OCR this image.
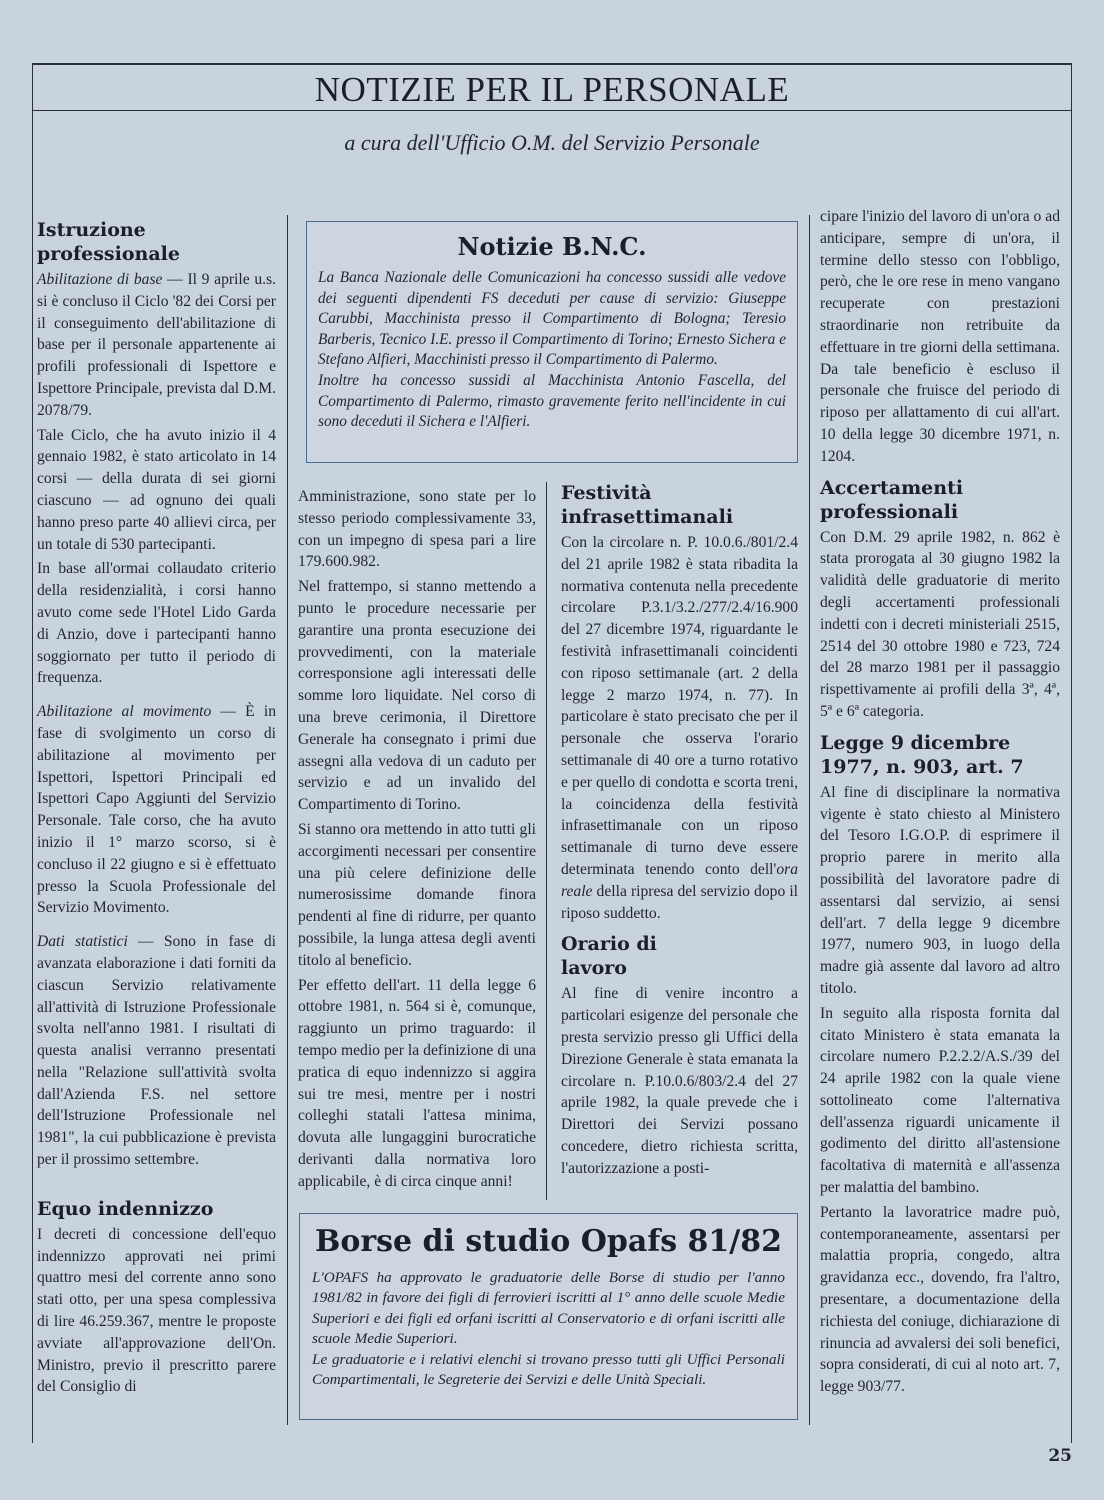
NOTIZIE PER IL PERSONALE
a cura dell'Ufficio O.M. del Servizio Personale
Istruzione professionale

Abilitazione di base — Il 9 aprile u.s. si è concluso il Ciclo '82 dei Corsi per il conseguimento dell'abilitazione di base per il personale appartenente ai profili professionali di Ispettore e Ispettore Principale, prevista dal D.M. 2078/79.

Tale Ciclo, che ha avuto inizio il 4 gennaio 1982, è stato articolato in 14 corsi — della durata di sei giorni ciascuno — ad ognuno dei quali hanno preso parte 40 allievi circa, per un totale di 530 partecipanti.

In base all'ormai collaudato criterio della residenzialità, i corsi hanno avuto come sede l'Hotel Lido Garda di Anzio, dove i partecipanti hanno soggiornato per tutto il periodo di frequenza.

Abilitazione al movimento — È in fase di svolgimento un corso di abilitazione al movimento per Ispettori, Ispettori Principali ed Ispettori Capo Aggiunti del Servizio Personale. Tale corso, che ha avuto inizio il 1° marzo scorso, si è concluso il 22 giugno e si è effettuato presso la Scuola Professionale del Servizio Movimento.

Dati statistici — Sono in fase di avanzata elaborazione i dati forniti da ciascun Servizio relativamente all'attività di Istruzione Professionale svolta nell'anno 1981. I risultati di questa analisi verranno presentati nella "Relazione sull'attività svolta dall'Azienda F.S. nel settore dell'Istruzione Professionale nel 1981", la cui pubblicazione è prevista per il prossimo settembre.

Equo indennizzo

I decreti di concessione dell'equo indennizzo approvati nei primi quattro mesi del corrente anno sono stati otto, per una spesa complessiva di lire 46.259.367, mentre le proposte avviate all'approvazione dell'On. Ministro, previo il prescritto parere del Consiglio di

Notizie B.N.C.
La Banca Nazionale delle Comunicazioni ha concesso sussidi alle vedove dei seguenti dipendenti FS deceduti per cause di servizio: Giuseppe Carubbi, Macchinista presso il Compartimento di Bologna; Teresio Barberis, Tecnico I.E. presso il Compartimento di Torino; Ernesto Sichera e Stefano Alfieri, Macchinisti presso il Compartimento di Palermo.
Inoltre ha concesso sussidi al Macchinista Antonio Fascella, del Compartimento di Palermo, rimasto gravemente ferito nell'incidente in cui sono deceduti il Sichera e l'Alfieri.

Amministrazione, sono state per lo stesso periodo complessivamente 33, con un impegno di spesa pari a lire 179.600.982.

Nel frattempo, si stanno mettendo a punto le procedure necessarie per garantire una pronta esecuzione dei provvedimenti, con la materiale corresponsione agli interessati delle somme loro liquidate. Nel corso di una breve cerimonia, il Direttore Generale ha consegnato i primi due assegni alla vedova di un caduto per servizio e ad un invalido del Compartimento di Torino.

Si stanno ora mettendo in atto tutti gli accorgimenti necessari per consentire una più celere definizione delle numerosissime domande finora pendenti al fine di ridurre, per quanto possibile, la lunga attesa degli aventi titolo al beneficio.

Per effetto dell'art. 11 della legge 6 ottobre 1981, n. 564 si è, comunque, raggiunto un primo traguardo: il tempo medio per la definizione di una pratica di equo indennizzo si aggira sui tre mesi, mentre per i nostri colleghi statali l'attesa minima, dovuta alle lungaggini burocratiche derivanti dalla normativa loro applicabile, è di circa cinque anni!

Festività infrasettimanali

Con la circolare n. P. 10.0.6./801/2.4 del 21 aprile 1982 è stata ribadita la normativa contenuta nella precedente circolare P.3.1/3.2./277/2.4/16.900 del 27 dicembre 1974, riguardante le festività infrasettimanali coincidenti con riposo settimanale (art. 2 della legge 2 marzo 1974, n. 77). In particolare è stato precisato che per il personale che osserva l'orario settimanale di 40 ore a turno rotativo e per quello di condotta e scorta treni, la coincidenza della festività infrasettimanale con un riposo settimanale di turno deve essere determinata tenendo conto dell'ora reale della ripresa del servizio dopo il riposo suddetto.

Orario di lavoro

Al fine di venire incontro a particolari esigenze del personale che presta servizio presso gli Uffici della Direzione Generale è stata emanata la circolare n. P.10.0.6/803/2.4 del 27 aprile 1982, la quale prevede che i Direttori dei Servizi possano concedere, dietro richiesta scritta, l'autorizzazione a posti-

cipare l'inizio del lavoro di un'ora o ad anticipare, sempre di un'ora, il termine dello stesso con l'obbligo, però, che le ore rese in meno vangano recuperate con prestazioni straordinarie non retribuite da effettuare in tre giorni della settimana. Da tale beneficio è escluso il personale che fruisce del periodo di riposo per allattamento di cui all'art. 10 della legge 30 dicembre 1971, n. 1204.

Accertamenti professionali

Con D.M. 29 aprile 1982, n. 862 è stata prorogata al 30 giugno 1982 la validità delle graduatorie di merito degli accertamenti professionali indetti con i decreti ministeriali 2515, 2514 del 30 ottobre 1980 e 723, 724 del 28 marzo 1981 per il passaggio rispettivamente ai profili della 3ª, 4ª, 5ª e 6ª categoria.

Legge 9 dicembre 1977, n. 903, art. 7

Al fine di disciplinare la normativa vigente è stato chiesto al Ministero del Tesoro I.G.O.P. di esprimere il proprio parere in merito alla possibilità del lavoratore padre di assentarsi dal servizio, ai sensi dell'art. 7 della legge 9 dicembre 1977, numero 903, in luogo della madre già assente dal lavoro ad altro titolo.

In seguito alla risposta fornita dal citato Ministero è stata emanata la circolare numero P.2.2.2/A.S./39 del 24 aprile 1982 con la quale viene sottolineato come l'alternativa dell'assenza riguardi unicamente il godimento del diritto all'astensione facoltativa di maternità e all'assenza per malattia del bambino.

Pertanto la lavoratrice madre può, contemporaneamente, assentarsi per malattia propria, congedo, altra gravidanza ecc., dovendo, fra l'altro, presentare, a documentazione della richiesta del coniuge, dichiarazione di rinuncia ad avvalersi dei soli benefici, sopra considerati, di cui al noto art. 7, legge 903/77.

Borse di studio Opafs 81/82
L'OPAFS ha approvato le graduatorie delle Borse di studio per l'anno 1981/82 in favore dei figli di ferrovieri iscritti al 1° anno delle scuole Medie Superiori e dei figli ed orfani iscritti al Conservatorio e di orfani iscritti alle scuole Medie Superiori.
Le graduatorie e i relativi elenchi si trovano presso tutti gli Uffici Personali Compartimentali, le Segreterie dei Servizi e delle Unità Speciali.
25
